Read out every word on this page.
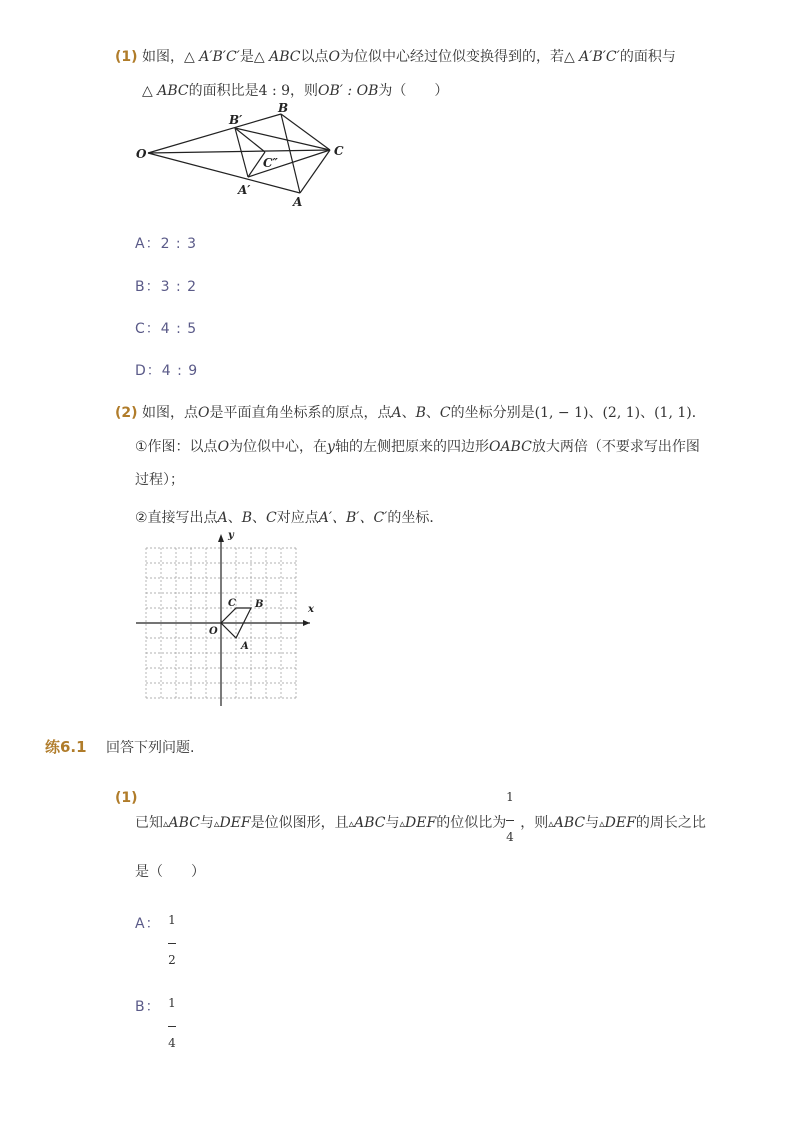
(1) 如图，△ A′B′C′是△ ABC以点O为位似中心经过位似变换得到的，若△ A′B′C′的面积与
△ ABC的面积比是4 : 9，则OB′ : OB为（　　）
O
B
C
A
B′
C″
A′
A：2 : 3
B：3 : 2
C：4 : 5
D：4 : 9
(2) 如图，点O是平面直角坐标系的原点，点A、B、C的坐标分别是(1, − 1)、(2, 1)、(1, 1)．
①作图：以点O为位似中心，在y轴的左侧把原来的四边形OABC放大两倍（不要求写出作图
过程）；
②直接写出点A、B、C对应点A′、B′、C′的坐标．
x
y
O
A
B
C
练6.1 回答下列问题.
(1)
已知▵ABC与▵DEF是位似图形，且▵ABC与▵DEF的位似比为 ，则▵ABC与▵DEF的周长之比
1
4
是（　　）
A： 1
2
B： 1
4
